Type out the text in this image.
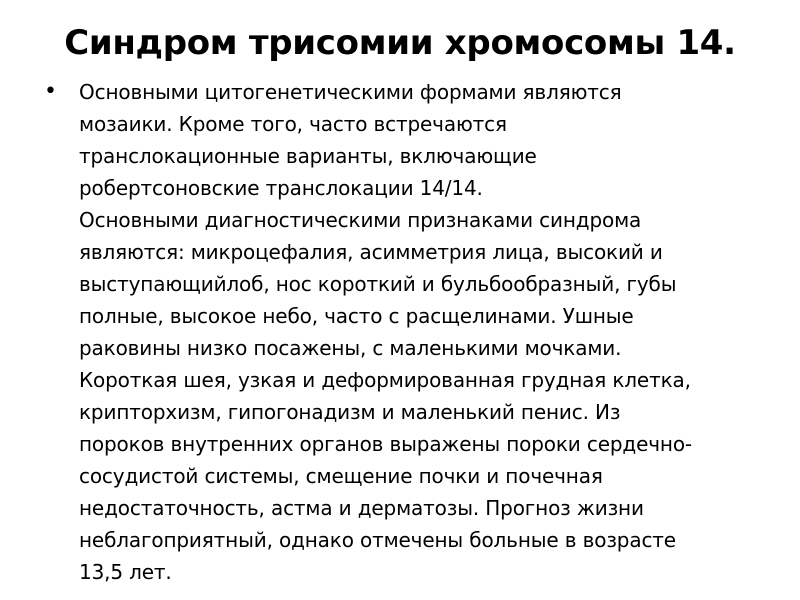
Синдром трисомии хромосомы 14.
•	Основными цитогенетическими формами являются
мозаики. Кроме того, часто встречаются
транслокационные варианты, включающие
робертсоновские транслокации 14/14.
Основными диагностическими признаками синдрома
являются: микроцефалия, асимметрия лица, высокий и
выступающийлоб, нос короткий и бульбообразный, губы
полные, высокое небо, часто с расщелинами. Ушные
раковины низко посажены, с маленькими мочками.
Короткая шея, узкая и деформированная грудная клетка,
крипторхизм, гипогонадизм и маленький пенис. Из
пороков внутренних органов выражены пороки сердечно-
сосудистой системы, смещение почки и почечная
недостаточность, астма и дерматозы. Прогноз жизни
неблагоприятный, однако отмечены больные в возрасте
13,5 лет.
